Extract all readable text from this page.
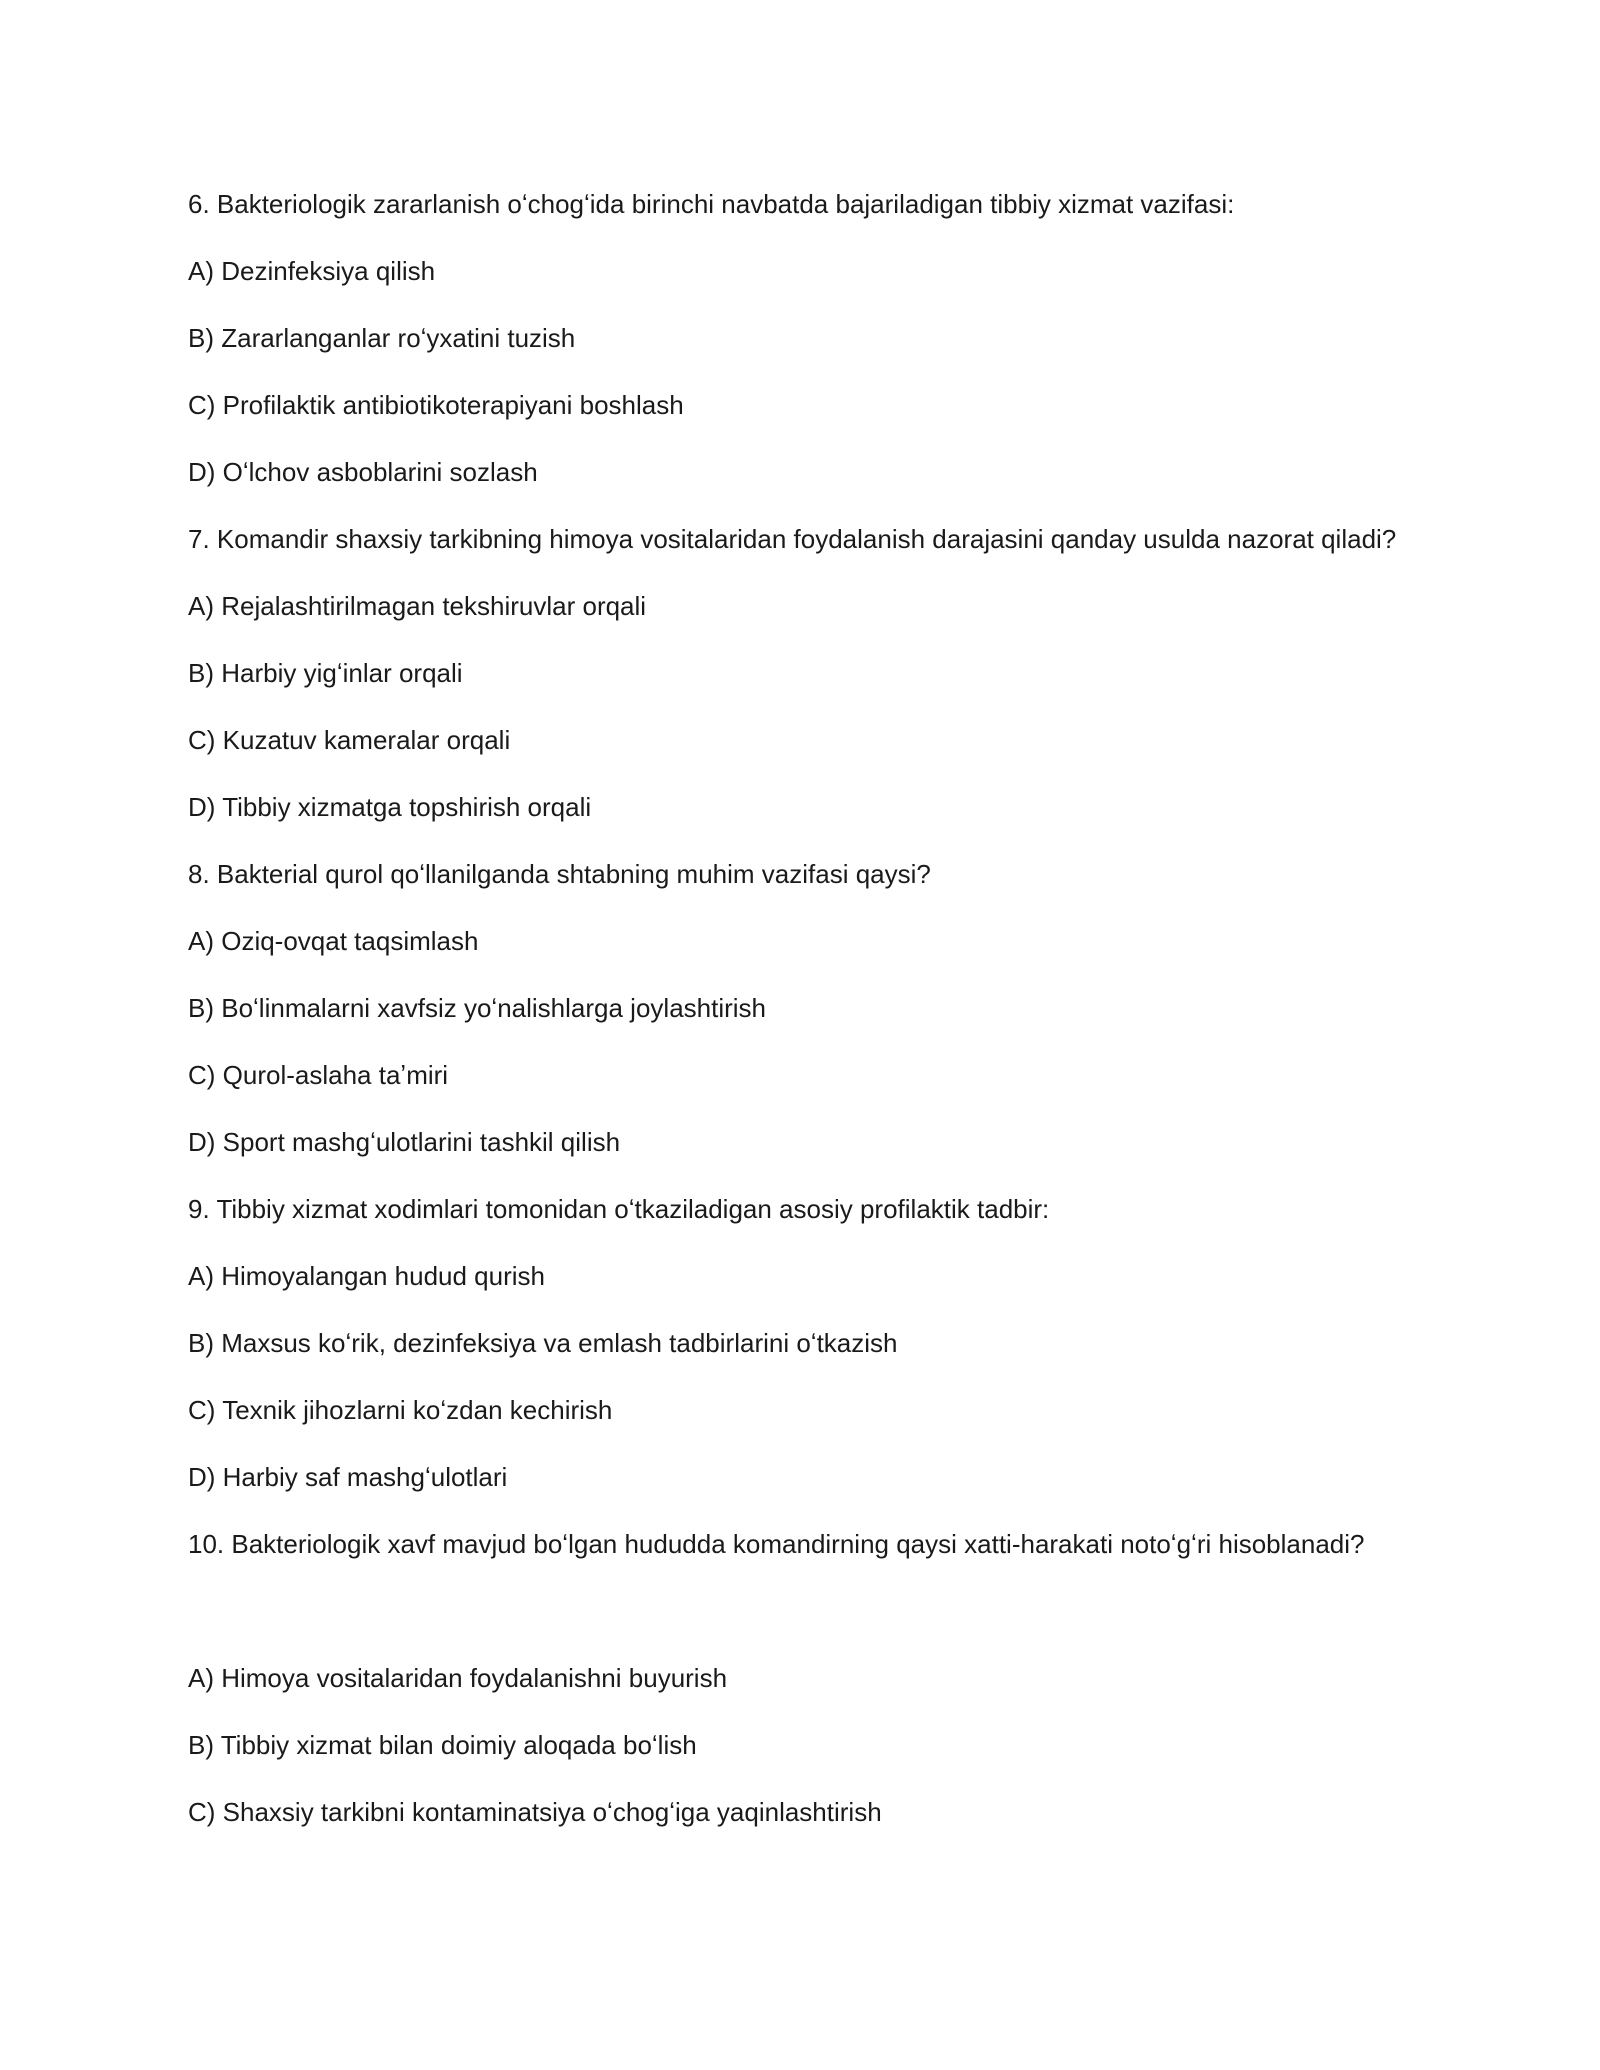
6. Bakteriologik zararlanish oʻchogʻida birinchi navbatda bajariladigan tibbiy xizmat vazifasi:

A) Dezinfeksiya qilish

B) Zararlanganlar roʻyxatini tuzish

C) Profilaktik antibiotikoterapiyani boshlash

D) Oʻlchov asboblarini sozlash

7. Komandir shaxsiy tarkibning himoya vositalaridan foydalanish darajasini qanday usulda nazorat qiladi?

A) Rejalashtirilmagan tekshiruvlar orqali

B) Harbiy yigʻinlar orqali

C) Kuzatuv kameralar orqali

D) Tibbiy xizmatga topshirish orqali

8. Bakterial qurol qoʻllanilganda shtabning muhim vazifasi qaysi?

A) Oziq-ovqat taqsimlash

B) Boʻlinmalarni xavfsiz yoʻnalishlarga joylashtirish

C) Qurol-aslaha taʼmiri

D) Sport mashgʻulotlarini tashkil qilish

9. Tibbiy xizmat xodimlari tomonidan oʻtkaziladigan asosiy profilaktik tadbir:

A) Himoyalangan hudud qurish

B) Maxsus koʻrik, dezinfeksiya va emlash tadbirlarini oʻtkazish

C) Texnik jihozlarni koʻzdan kechirish

D) Harbiy saf mashgʻulotlari

10. Bakteriologik xavf mavjud boʻlgan hududda komandirning qaysi xatti-harakati notoʻgʻri hisoblanadi?

A) Himoya vositalaridan foydalanishni buyurish

B) Tibbiy xizmat bilan doimiy aloqada boʻlish

C) Shaxsiy tarkibni kontaminatsiya oʻchogʻiga yaqinlashtirish
